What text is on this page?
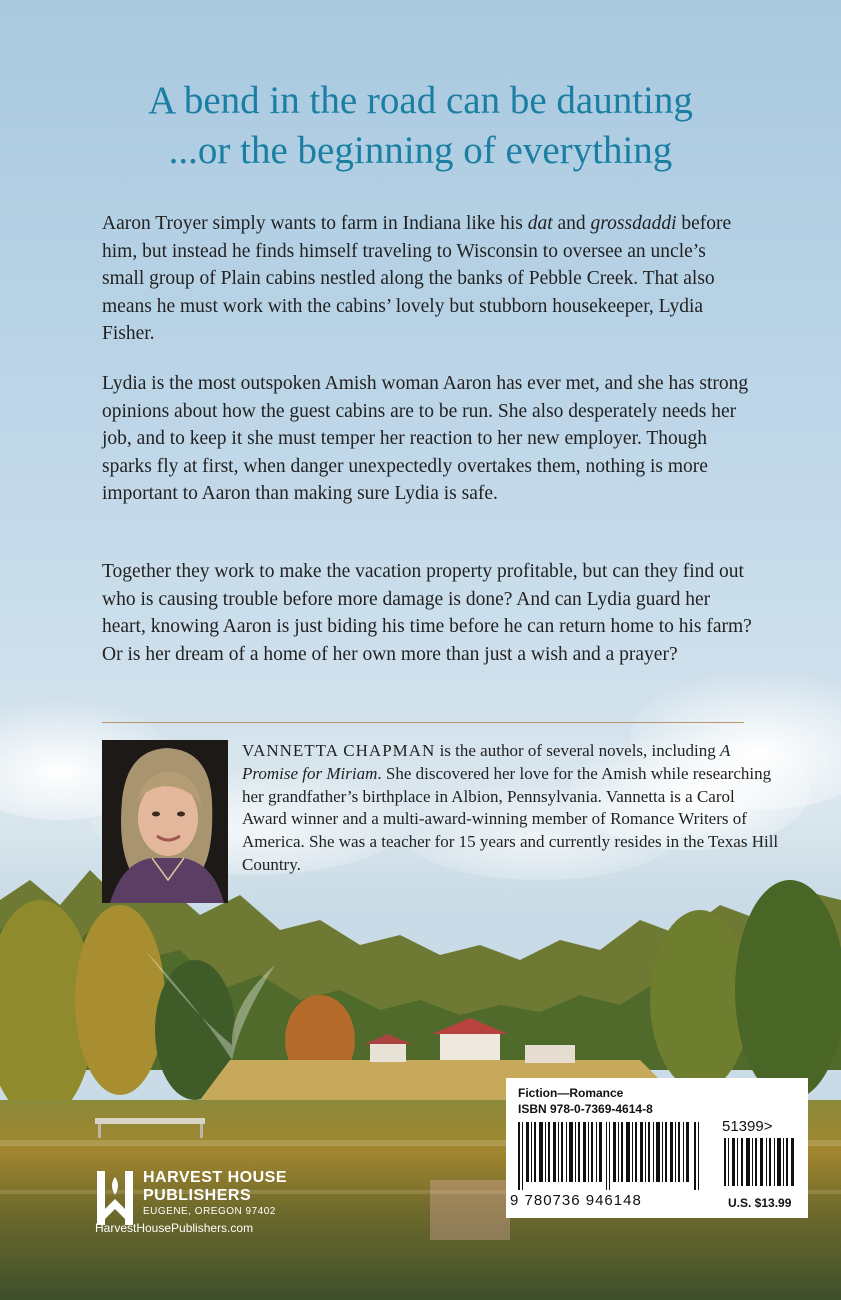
A bend in the road can be daunting
...or the beginning of everything

Aaron Troyer simply wants to farm in Indiana like his dat and grossdaddi before him, but instead he finds himself traveling to Wisconsin to oversee an uncle’s small group of Plain cabins nestled along the banks of Pebble Creek. That also means he must work with the cabins’ lovely but stubborn housekeeper, Lydia Fisher.

Lydia is the most outspoken Amish woman Aaron has ever met, and she has strong opinions about how the guest cabins are to be run. She also desperately needs her job, and to keep it she must temper her reaction to her new employer. Though sparks fly at first, when danger unexpectedly overtakes them, nothing is more important to Aaron than making sure Lydia is safe.

Together they work to make the vacation property profitable, but can they find out who is causing trouble before more damage is done? And can Lydia guard her heart, knowing Aaron is just biding his time before he can return home to his farm? Or is her dream of a home of her own more than just a wish and a prayer?

VANNETTA CHAPMAN is the author of several novels, including A Promise for Miriam. She discovered her love for the Amish while researching her grandfather’s birthplace in Albion, Pennsylvania. Vannetta is a Carol Award winner and a multi-award-winning member of Romance Writers of America. She was a teacher for 15 years and currently resides in the Texas Hill Country.

HARVEST HOUSE
PUBLISHERS
EUGENE, OREGON 97402
HarvestHousePublishers.com
Fiction—Romance
ISBN 978-0-7369-4614-8
51399>
9 780736 946148	U.S. $13.99
